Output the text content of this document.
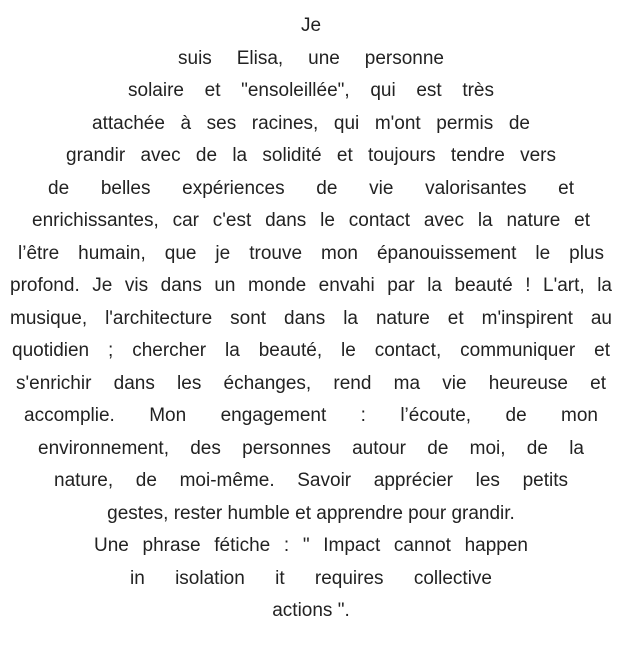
Je
suis Elisa, une personne
solaire et "ensoleillée", qui est très
attachée à ses racines, qui m'ont permis de
grandir avec de la solidité et toujours tendre vers
de belles expériences de vie valorisantes et
enrichissantes, car c'est dans le contact avec la nature et
l’être humain, que je trouve mon épanouissement le plus
profond. Je vis dans un monde envahi par la beauté ! L'art, la
musique, l'architecture sont dans la nature et m'inspirent au
quotidien ; chercher la beauté, le contact, communiquer et
s'enrichir dans les échanges, rend ma vie heureuse et
accomplie. Mon engagement : l’écoute, de mon
environnement, des personnes autour de moi, de la
nature, de moi-même. Savoir apprécier les petits
gestes, rester humble et apprendre pour grandir.
Une phrase fétiche : " Impact cannot happen
in isolation it requires collective
actions ".
